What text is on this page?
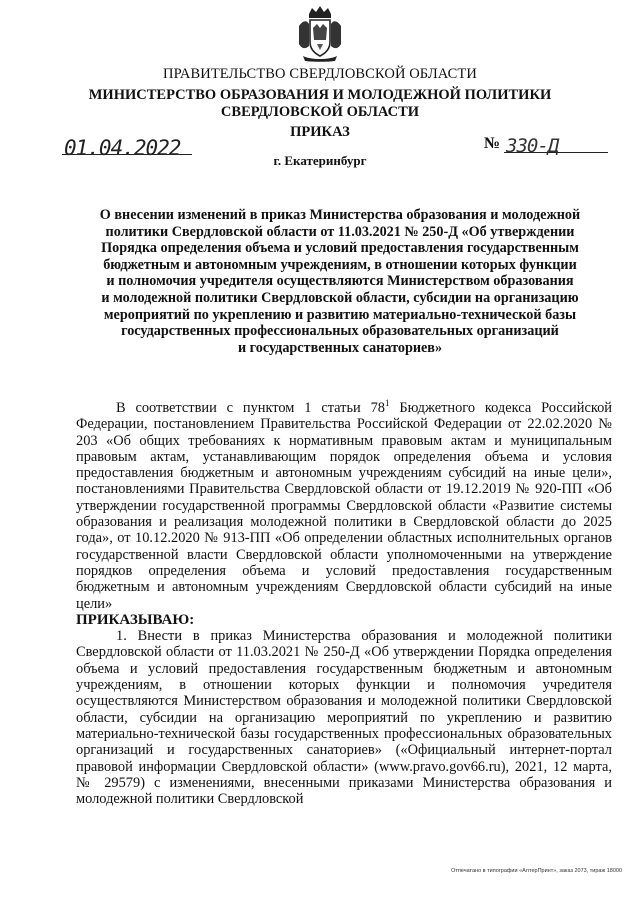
ПРАВИТЕЛЬСТВО СВЕРДЛОВСКОЙ ОБЛАСТИ
МИНИСТЕРСТВО ОБРАЗОВАНИЯ И МОЛОДЕЖНОЙ ПОЛИТИКИ
СВЕРДЛОВСКОЙ ОБЛАСТИ
ПРИКАЗ
01.04.2022	№ 330-Д
г. Екатеринбург
О внесении изменений в приказ Министерства образования и молодежной
политики Свердловской области от 11.03.2021 № 250-Д «Об утверждении
Порядка определения объема и условий предоставления государственным
бюджетным и автономным учреждениям, в отношении которых функции
и полномочия учредителя осуществляются Министерством образования
и молодежной политики Свердловской области, субсидии на организацию
мероприятий по укреплению и развитию материально-технической базы
государственных профессиональных образовательных организаций
и государственных санаториев»

В соответствии с пунктом 1 статьи $78^1$ Бюджетного кодекса Российской Федерации, постановлением Правительства Российской Федерации от 22.02.2020 № 203 «Об общих требованиях к нормативным правовым актам и муниципальным правовым актам, устанавливающим порядок определения объема и условия предоставления бюджетным и автономным учреждениям субсидий на иные цели», постановлениями Правительства Свердловской области от 19.12.2019 № 920-ПП «Об утверждении государственной программы Свердловской области «Развитие системы образования и реализация молодежной политики в Свердловской области до 2025 года», от 10.12.2020 № 913-ПП «Об определении областных исполнительных органов государственной власти Свердловской области уполномоченными на утверждение порядков определения объема и условий предоставления государственным бюджетным и автономным учреждениям Свердловской области субсидий на иные цели»

ПРИКАЗЫВАЮ:

1. Внести в приказ Министерства образования и молодежной политики Свердловской области от 11.03.2021 № 250-Д «Об утверждении Порядка определения объема и условий предоставления государственным бюджетным и автономным учреждениям, в отношении которых функции и полномочия учредителя осуществляются Министерством образования и молодежной политики Свердловской области, субсидии на организацию мероприятий по укреплению и развитию материально-технической базы государственных профессиональных образовательных организаций и государственных санаториев» («Официальный интернет-портал правовой информации Свердловской области» (www.pravo.gov66.ru), 2021, 12 марта, № 29579) с изменениями, внесенными приказами Министерства образования и молодежной политики Свердловской

Отпечатано в типографии «АлтерПринт», заказ 2073, тираж 18000
